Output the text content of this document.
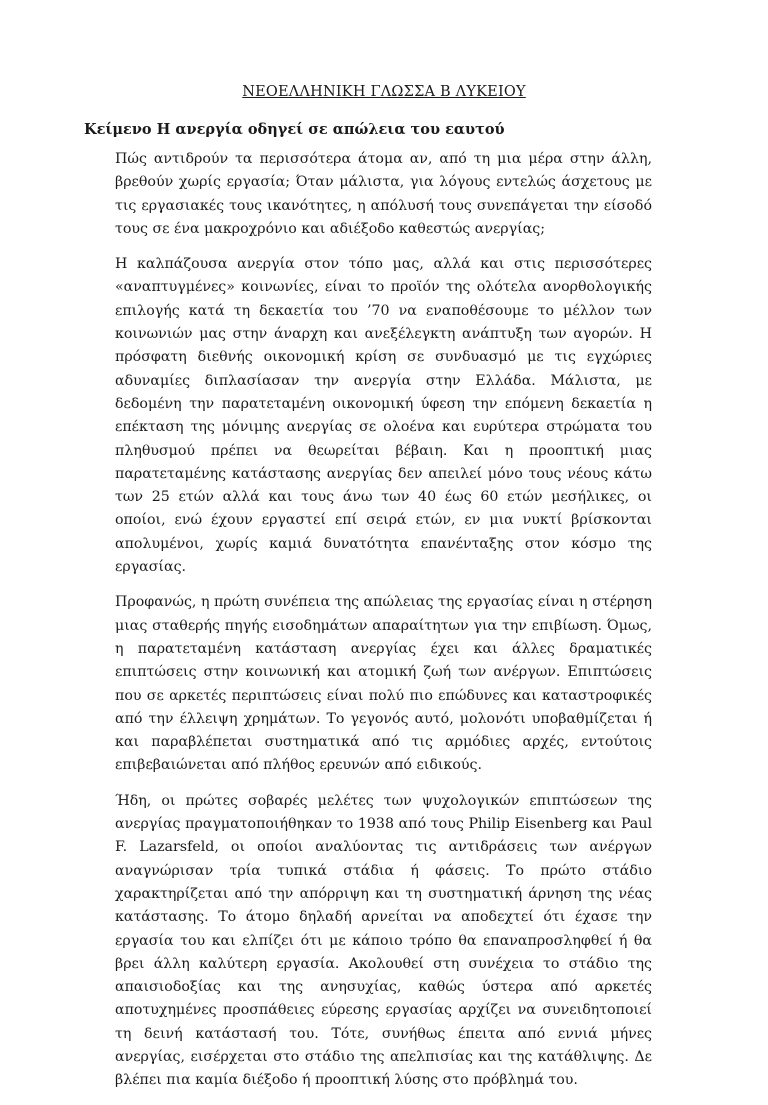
ΝΕΟΕΛΛΗΝΙΚΗ ΓΛΩΣΣΑ Β ΛΥΚΕΙΟΥ
Κείμενο Η ανεργία οδηγεί σε απώλεια του εαυτού

Πώς αντιδρούν τα περισσότερα άτομα αν, από τη μια μέρα στην άλλη, βρεθούν χωρίς εργασία; Όταν μάλιστα, για λόγους εντελώς άσχετους με τις εργασιακές τους ικανότητες, η απόλυσή τους συνεπάγεται την είσοδό τους σε ένα μακροχρόνιο και αδιέξοδο καθεστώς ανεργίας;

Η καλπάζουσα ανεργία στον τόπο μας, αλλά και στις περισσότερες «αναπτυγμένες» κοινωνίες, είναι το προϊόν της ολότελα ανορθολογικής επιλογής κατά τη δεκαετία του ’70 να εναποθέσουμε το μέλλον των κοινωνιών μας στην άναρχη και ανεξέλεγκτη ανάπτυξη των αγορών. Η πρόσφατη διεθνής οικονομική κρίση σε συνδυασμό με τις εγχώριες αδυναμίες διπλασίασαν την ανεργία στην Ελλάδα. Μάλιστα, με δεδομένη την παρατεταμένη οικονομική ύφεση την επόμενη δεκαετία η επέκταση της μόνιμης ανεργίας σε ολοένα και ευρύτερα στρώματα του πληθυσμού πρέπει να θεωρείται βέβαιη. Και η προοπτική μιας παρατεταμένης κατάστασης ανεργίας δεν απειλεί μόνο τους νέους κάτω των 25 ετών αλλά και τους άνω των 40 έως 60 ετών μεσήλικες, οι οποίοι, ενώ έχουν εργαστεί επί σειρά ετών, εν μια νυκτί βρίσκονται απολυμένοι, χωρίς καμιά δυνατότητα επανένταξης στον κόσμο της εργασίας.

Προφανώς, η πρώτη συνέπεια της απώλειας της εργασίας είναι η στέρηση μιας σταθερής πηγής εισοδημάτων απαραίτητων για την επιβίωση. Όμως, η παρατεταμένη κατάσταση ανεργίας έχει και άλλες δραματικές επιπτώσεις στην κοινωνική και ατομική ζωή των ανέργων. Επιπτώσεις που σε αρκετές περιπτώσεις είναι πολύ πιο επώδυνες και καταστροφικές από την έλλειψη χρημάτων. Το γεγονός αυτό, μολονότι υποβαθμίζεται ή και παραβλέπεται συστηματικά από τις αρμόδιες αρχές, εντούτοις επιβεβαιώνεται από πλήθος ερευνών από ειδικούς.

Ήδη, οι πρώτες σοβαρές μελέτες των ψυχολογικών επιπτώσεων της ανεργίας πραγματοποιήθηκαν το 1938 από τους Philip Eisenberg και Paul F. Lazarsfeld, οι οποίοι αναλύοντας τις αντιδράσεις των ανέργων αναγνώρισαν τρία τυπικά στάδια ή φάσεις. Το πρώτο στάδιο χαρακτηρίζεται από την απόρριψη και τη συστηματική άρνηση της νέας κατάστασης. Το άτομο δηλαδή αρνείται να αποδεχτεί ότι έχασε την εργασία του και ελπίζει ότι με κάποιο τρόπο θα επαναπροσληφθεί ή θα βρει άλλη καλύτερη εργασία. Ακολουθεί στη συνέχεια το στάδιο της απαισιοδοξίας και της ανησυχίας, καθώς ύστερα από αρκετές αποτυχημένες προσπάθειες εύρεσης εργασίας αρχίζει να συνειδητοποιεί τη δεινή κατάστασή του. Τότε, συνήθως έπειτα από εννιά μήνες ανεργίας, εισέρχεται στο στάδιο της απελπισίας και της κατάθλιψης. Δε βλέπει πια καμία διέξοδο ή προοπτική λύσης στο πρόβλημά του.
